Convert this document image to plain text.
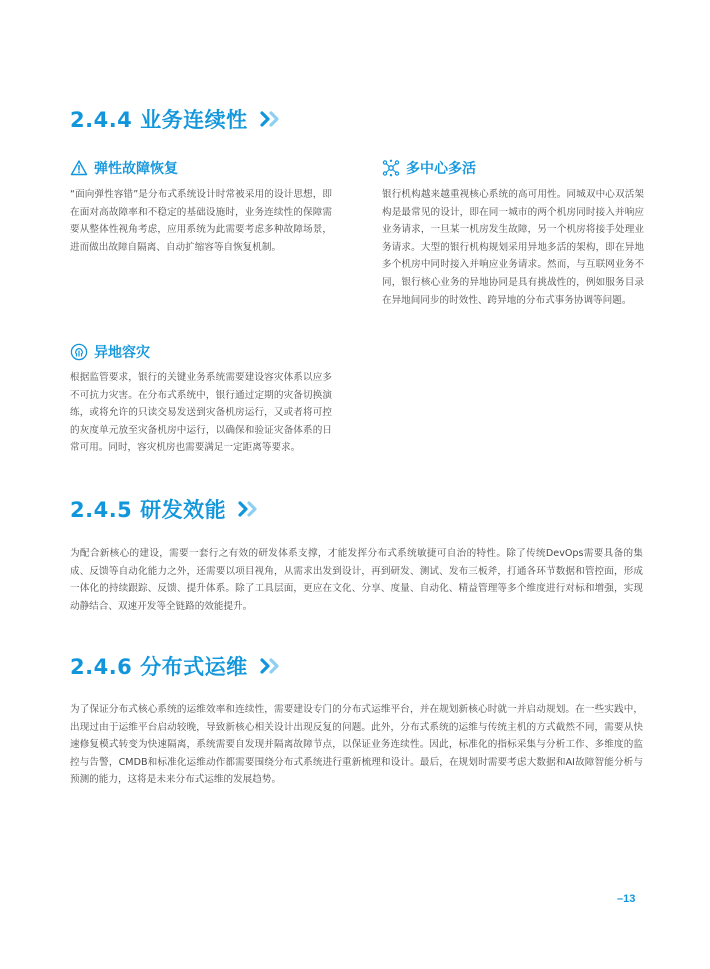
2.4.4 业务连续性
弹性故障恢复

“面向弹性容错”是分布式系统设计时常被采用的设计思想，即在面对高故障率和不稳定的基础设施时，业务连续性的保障需要从整体性视角考虑，应用系统为此需要考虑多种故障场景，进而做出故障自隔离、自动扩缩容等自恢复机制。

多中心多活

银行机构越来越重视核心系统的高可用性。同城双中心双活架构是最常见的设计，即在同一城市的两个机房同时接入并响应业务请求，一旦某一机房发生故障，另一个机房将接手处理业务请求。大型的银行机构规划采用异地多活的架构，即在异地多个机房中同时接入并响应业务请求。然而，与互联网业务不同，银行核心业务的异地协同是具有挑战性的，例如服务目录在异地间同步的时效性、跨异地的分布式事务协调等问题。

异地容灾

根据监管要求，银行的关键业务系统需要建设容灾体系以应多不可抗力灾害。在分布式系统中，银行通过定期的灾备切换演练，或将允许的只读交易发送到灾备机房运行，又或者将可控的灰度单元放至灾备机房中运行，以确保和验证灾备体系的日常可用。同时，容灾机房也需要满足一定距离等要求。

2.4.5 研发效能

为配合新核心的建设，需要一套行之有效的研发体系支撑，才能发挥分布式系统敏捷可自治的特性。除了传统DevOps需要具备的集成、反馈等自动化能力之外，还需要以项目视角，从需求出发到设计，再到研发、测试、发布三板斧，打通各环节数据和管控面，形成一体化的持续跟踪、反馈、提升体系。除了工具层面，更应在文化、分享、度量、自动化、精益管理等多个维度进行对标和增强，实现动静结合、双速开发等全链路的效能提升。

2.4.6 分布式运维

为了保证分布式核心系统的运维效率和连续性，需要建设专门的分布式运维平台，并在规划新核心时就一并启动规划。在一些实践中，出现过由于运维平台启动较晚，导致新核心相关设计出现反复的问题。此外，分布式系统的运维与传统主机的方式截然不同，需要从快速修复模式转变为快速隔离，系统需要自发现并隔离故障节点，以保证业务连续性。因此，标准化的指标采集与分析工作、多维度的监控与告警，CMDB和标准化运维动作都需要围绕分布式系统进行重新梳理和设计。最后，在规划时需要考虑大数据和AI故障智能分析与预测的能力，这将是未来分布式运维的发展趋势。

–13
